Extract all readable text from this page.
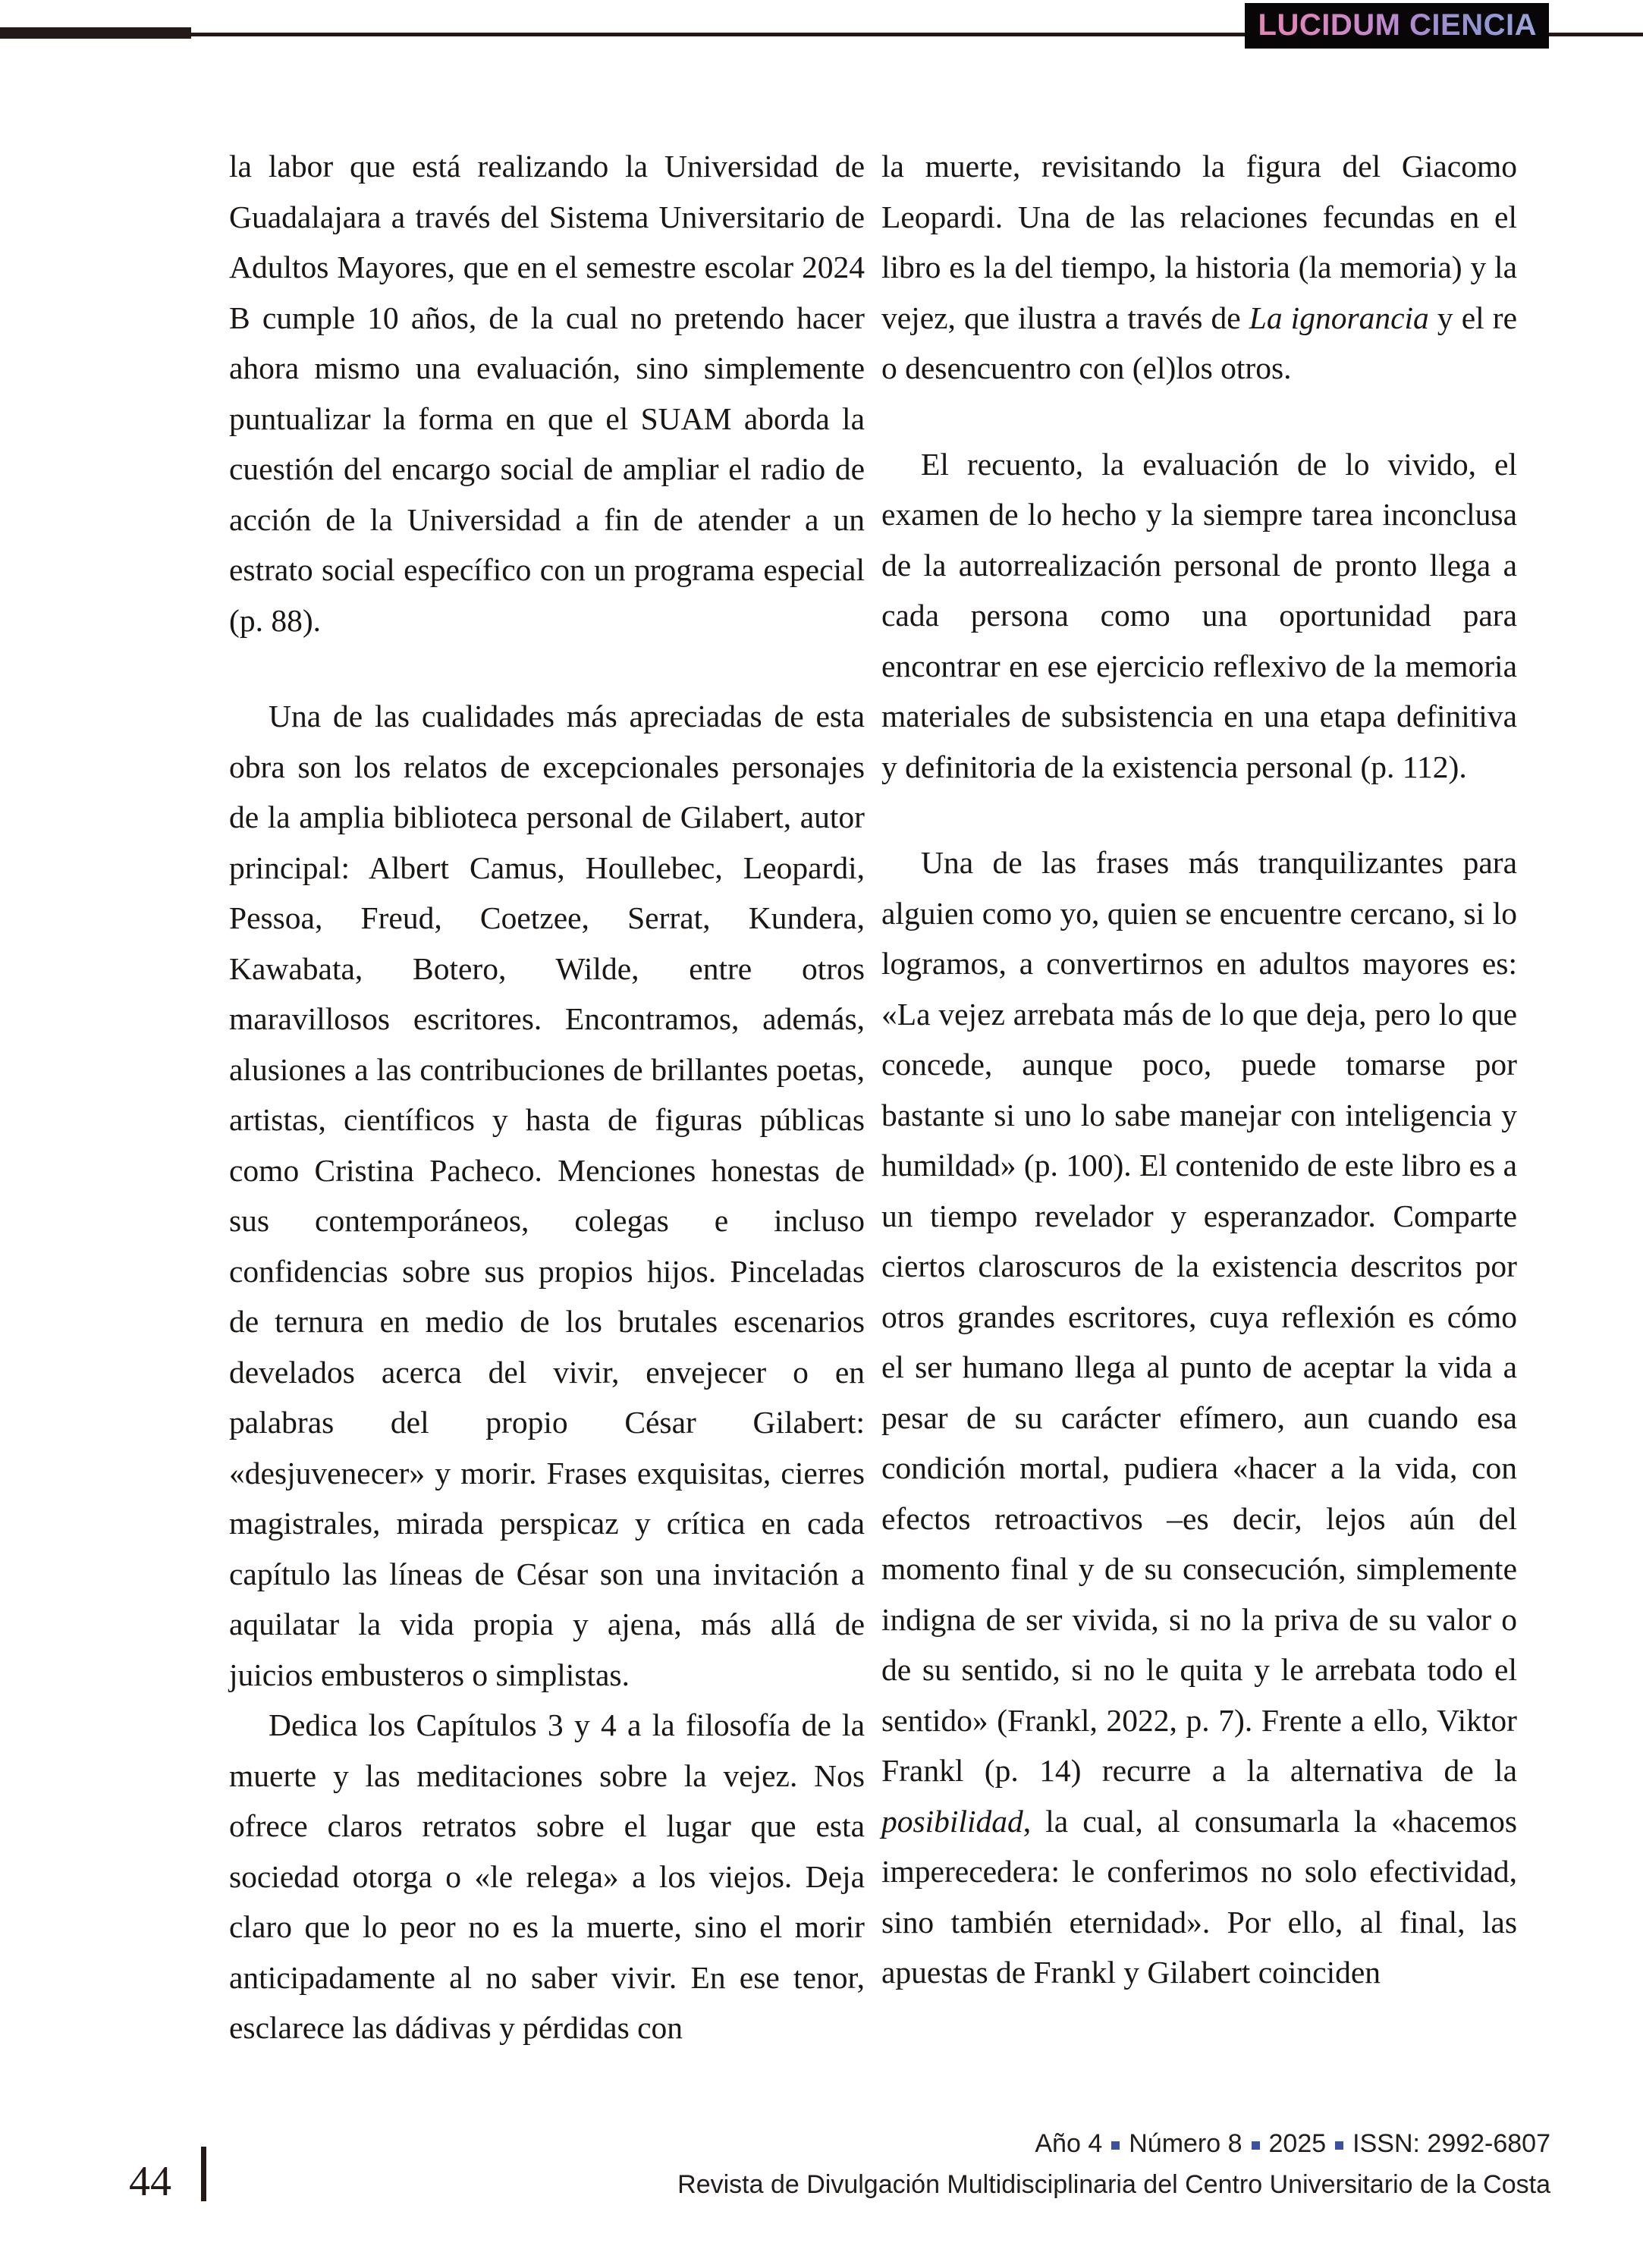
LUCIDUM CIENCIA

la labor que está realizando la Universidad de Guadalajara a través del Sistema Universitario de Adultos Mayores, que en el semestre escolar 2024 B cumple 10 años, de la cual no pretendo hacer ahora mismo una evaluación, sino simplemente puntualizar la forma en que el SUAM aborda la cuestión del encargo social de ampliar el radio de acción de la Universidad a fin de atender a un estrato social específico con un programa especial (p. 88).

Una de las cualidades más apreciadas de esta obra son los relatos de excepcionales personajes de la amplia biblioteca personal de Gilabert, autor principal: Albert Camus, Houllebec, Leopardi, Pessoa, Freud, Coetzee, Serrat, Kundera, Kawabata, Botero, Wilde, entre otros maravillosos escritores. Encontramos, además, alusiones a las contribuciones de brillantes poetas, artistas, científicos y hasta de figuras públicas como Cristina Pacheco. Menciones honestas de sus contemporáneos, colegas e incluso confidencias sobre sus propios hijos. Pinceladas de ternura en medio de los brutales escenarios develados acerca del vivir, envejecer o en palabras del propio César Gilabert: «desjuvenecer» y morir. Frases exquisitas, cierres magistrales, mirada perspicaz y crítica en cada capítulo las líneas de César son una invitación a aquilatar la vida propia y ajena, más allá de juicios embusteros o simplistas.

Dedica los Capítulos 3 y 4 a la filosofía de la muerte y las meditaciones sobre la vejez. Nos ofrece claros retratos sobre el lugar que esta sociedad otorga o «le relega» a los viejos. Deja claro que lo peor no es la muerte, sino el morir anticipadamente al no saber vivir. En ese tenor, esclarece las dádivas y pérdidas con

la muerte, revisitando la figura del Giacomo Leopardi. Una de las relaciones fecundas en el libro es la del tiempo, la historia (la memoria) y la vejez, que ilustra a través de La ignorancia y el re o desencuentro con (el)los otros.

El recuento, la evaluación de lo vivido, el examen de lo hecho y la siempre tarea inconclusa de la autorrealización personal de pronto llega a cada persona como una oportunidad para encontrar en ese ejercicio reflexivo de la memoria materiales de subsistencia en una etapa definitiva y definitoria de la existencia personal (p. 112).

Una de las frases más tranquilizantes para alguien como yo, quien se encuentre cercano, si lo logramos, a convertirnos en adultos mayores es: «La vejez arrebata más de lo que deja, pero lo que concede, aunque poco, puede tomarse por bastante si uno lo sabe manejar con inteligencia y humildad» (p. 100). El contenido de este libro es a un tiempo revelador y esperanzador. Comparte ciertos claroscuros de la existencia descritos por otros grandes escritores, cuya reflexión es cómo el ser humano llega al punto de aceptar la vida a pesar de su carácter efímero, aun cuando esa condición mortal, pudiera «hacer a la vida, con efectos retroactivos –es decir, lejos aún del momento final y de su consecución, simplemente indigna de ser vivida, si no la priva de su valor o de su sentido, si no le quita y le arrebata todo el sentido» (Frankl, 2022, p. 7). Frente a ello, Viktor Frankl (p. 14) recurre a la alternativa de la posibilidad, la cual, al consumarla la «hacemos imperecedera: le conferimos no solo efectividad, sino también eternidad». Por ello, al final, las apuestas de Frankl y Gilabert coinciden

44
Año 4 Número 8 2025 ISSN: 2992-6807
Revista de Divulgación Multidisciplinaria del Centro Universitario de la Costa
